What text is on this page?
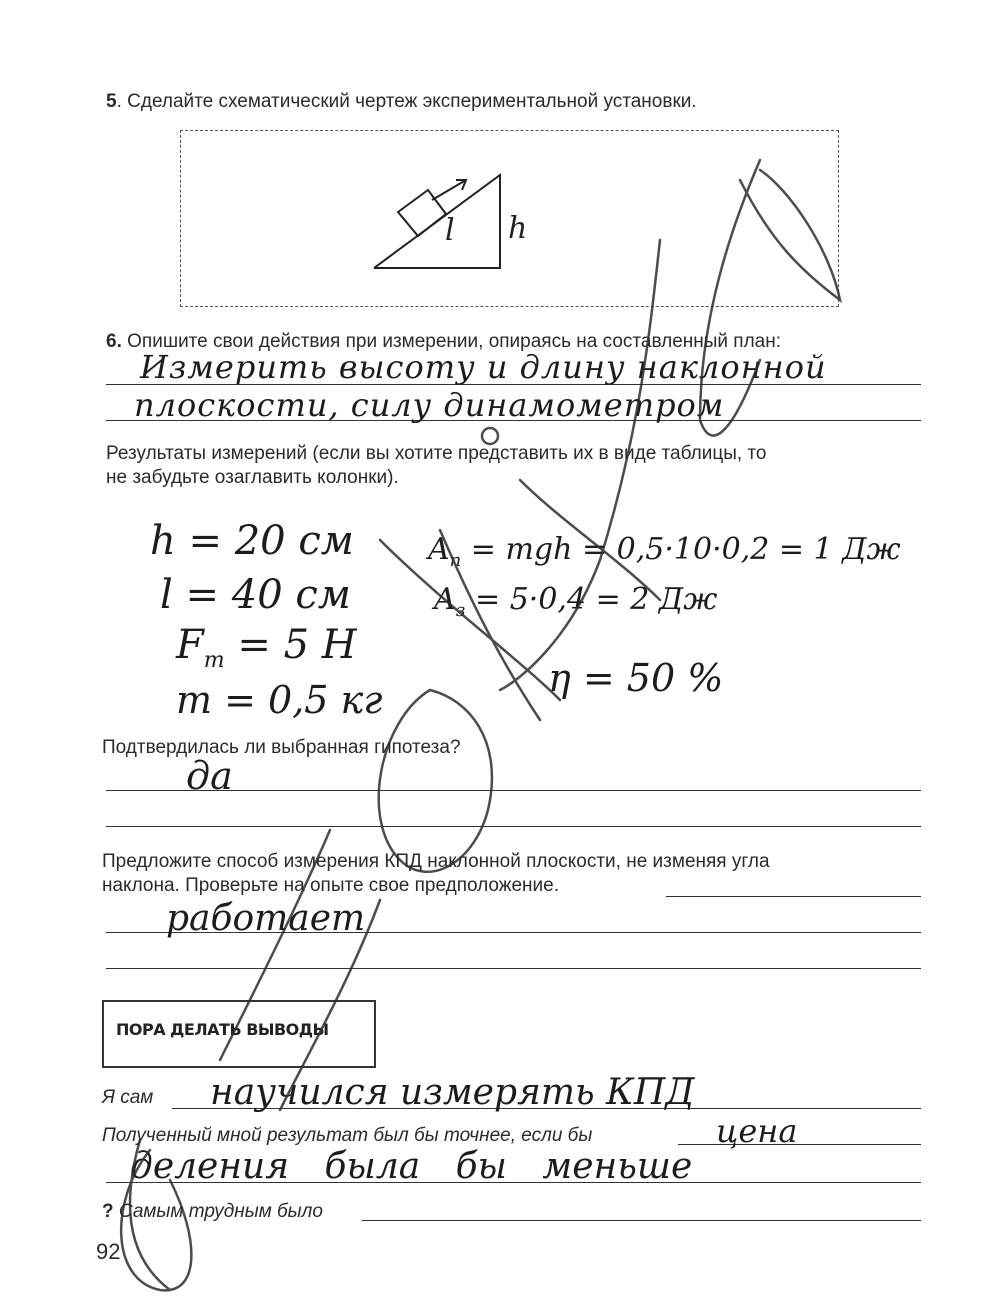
5. Сделайте схематический чертеж экспериментальной установки.
l h
6. Опишите свои действия при измерении, опираясь на составленный план:
Измерить высоту и длину наклонной
плоскости, силу динамометром
Результаты измерений (если вы хотите представить их в виде таблицы, то
не забудьте озаглавить колонки).
h = 20 см
l = 40 см
$F_т = 5$ H
m = 0,5 кг
$A_п$ = mgh = 0,5·10·0,2 = 1 Дж
$A_з = 5\cdot 0,4 = 2$ Дж
η = 50 %
Подтвердилась ли выбранная гипотеза?
да
Предложите способ измерения КПД наклонной плоскости, не изменяя угла
наклона. Проверьте на опыте свое предположение.
работает
ПОРА ДЕЛАТЬ ВЫВОДЫ
Я сам научился измерять КПД
Полученный мной результат был бы точнее, если бы	цена
деления была бы меньше
? Самым трудным было
92
